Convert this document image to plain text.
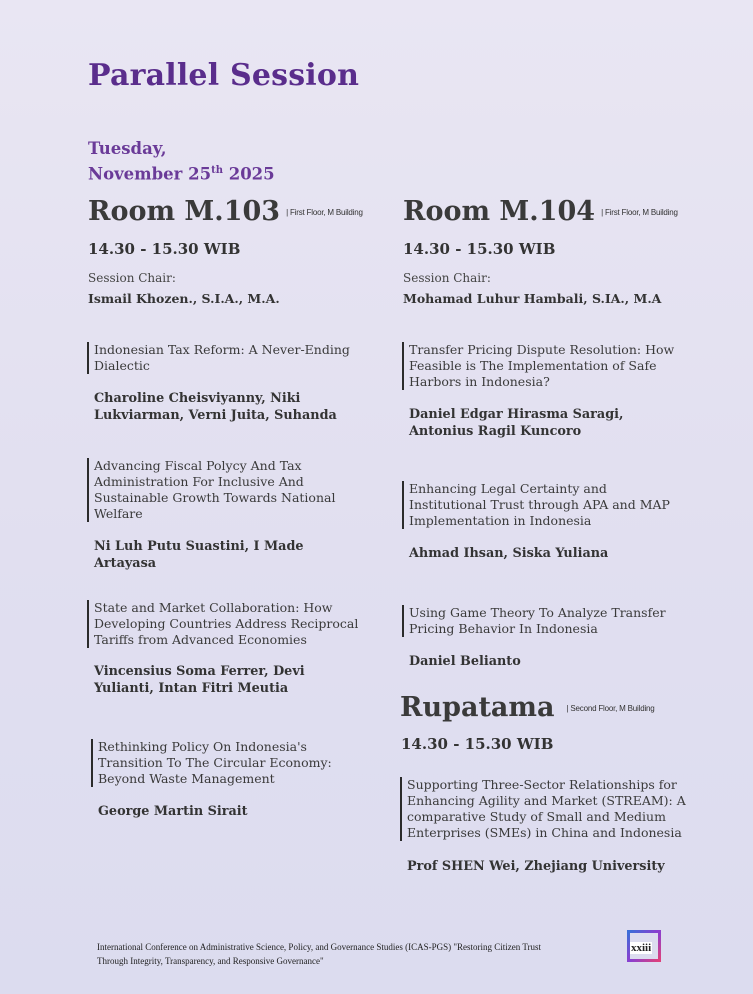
Parallel Session
Tuesday,
November 25th 2025
Room M.103 | First Floor, M Building
14.30 - 15.30 WIB
Session Chair:
Ismail Khozen., S.I.A., M.A.
Indonesian Tax Reform: A Never-Ending Dialectic
Charoline Cheisviyanny, Niki Lukviarman, Verni Juita, Suhanda
Advancing Fiscal Polycy And Tax Administration For Inclusive And Sustainable Growth Towards National Welfare
Ni Luh Putu Suastini, I Made Artayasa
State and Market Collaboration: How Developing Countries Address Reciprocal Tariffs from Advanced Economies
Vincensius Soma Ferrer, Devi Yulianti, Intan Fitri Meutia
Rethinking Policy On Indonesia's Transition To The Circular Economy: Beyond Waste Management
George Martin Sirait
Room M.104 | First Floor, M Building
14.30 - 15.30 WIB
Session Chair:
Mohamad Luhur Hambali, S.IA., M.A
Transfer Pricing Dispute Resolution: How Feasible is The Implementation of Safe Harbors in Indonesia?
Daniel Edgar Hirasma Saragi, Antonius Ragil Kuncoro
Enhancing Legal Certainty and Institutional Trust through APA and MAP Implementation in Indonesia
Ahmad Ihsan, Siska Yuliana
Using Game Theory To Analyze Transfer Pricing Behavior In Indonesia
Daniel Belianto
Rupatama | Second Floor, M Building
14.30 - 15.30 WIB
Supporting Three-Sector Relationships for Enhancing Agility and Market (STREAM): A comparative Study of Small and Medium Enterprises (SMEs) in China and Indonesia
Prof SHEN Wei, Zhejiang University
International Conference on Administrative Science, Policy, and Governance Studies (ICAS-PGS) "Restoring Citizen Trust
Through Integrity, Transparency, and Responsive Governance"
xxiii
